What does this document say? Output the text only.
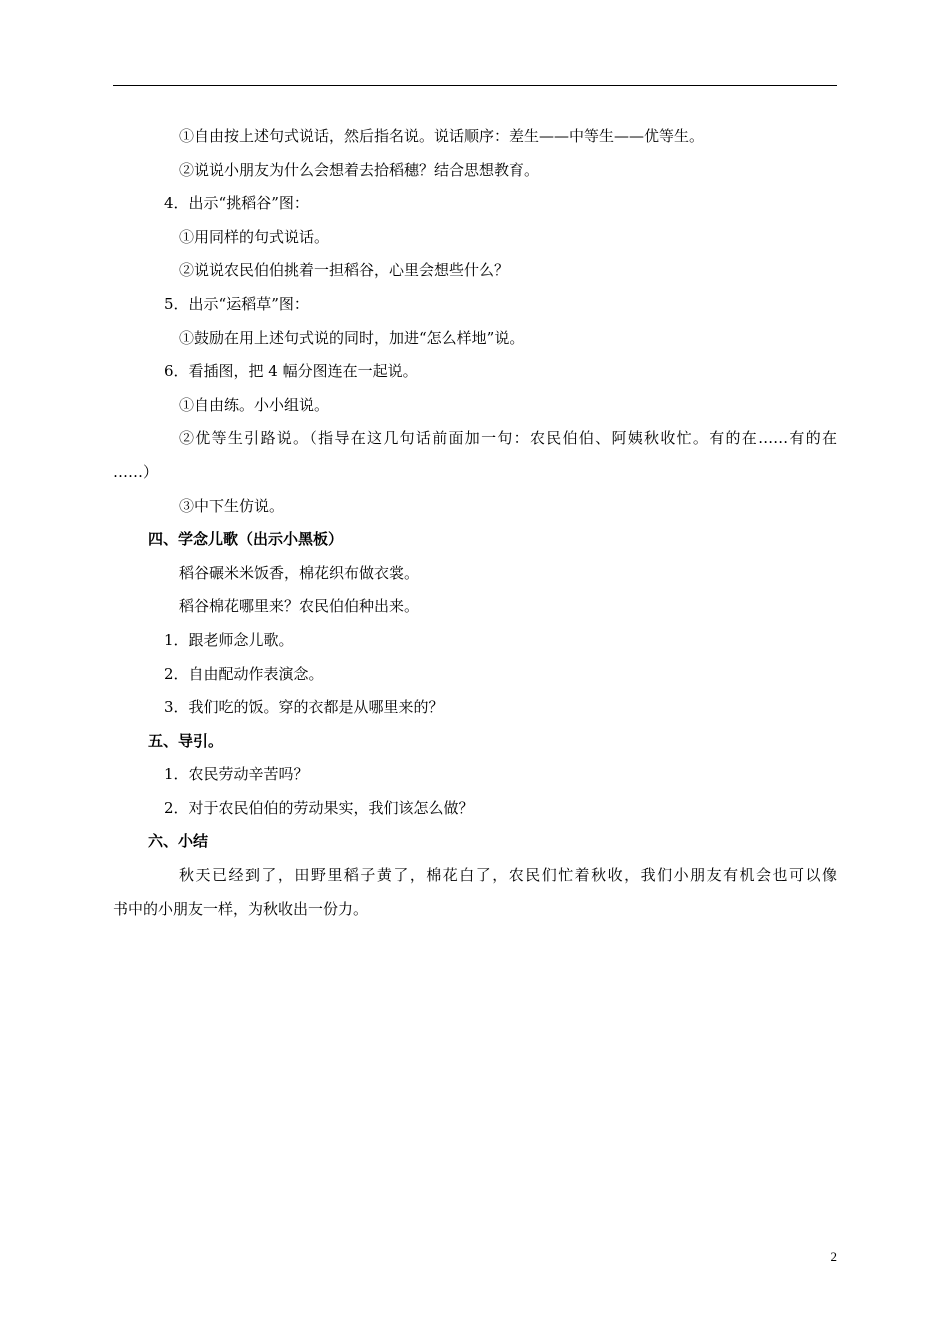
①自由按上述句式说话，然后指名说。说话顺序：差生——中等生——优等生。
②说说小朋友为什么会想着去拾稻穗？结合思想教育。
4．出示“挑稻谷”图：
①用同样的句式说话。
②说说农民伯伯挑着一担稻谷，心里会想些什么？
5．出示“运稻草”图：
①鼓励在用上述句式说的同时，加进“怎么样地”说。
6．看插图，把 4 幅分图连在一起说。
①自由练。小小组说。
②优等生引路说。（指导在这几句话前面加一句：农民伯伯、阿姨秋收忙。有的在……有的在
……）
③中下生仿说。
四、学念儿歌（出示小黑板）
稻谷碾米米饭香，棉花织布做衣裳。
稻谷棉花哪里来？农民伯伯种出来。
1．跟老师念儿歌。
2．自由配动作表演念。
3．我们吃的饭。穿的衣都是从哪里来的？
五、导引。
1．农民劳动辛苦吗？
2．对于农民伯伯的劳动果实，我们该怎么做？
六、小结
秋天已经到了，田野里稻子黄了，棉花白了，农民们忙着秋收，我们小朋友有机会也可以像
书中的小朋友一样，为秋收出一份力。
2
